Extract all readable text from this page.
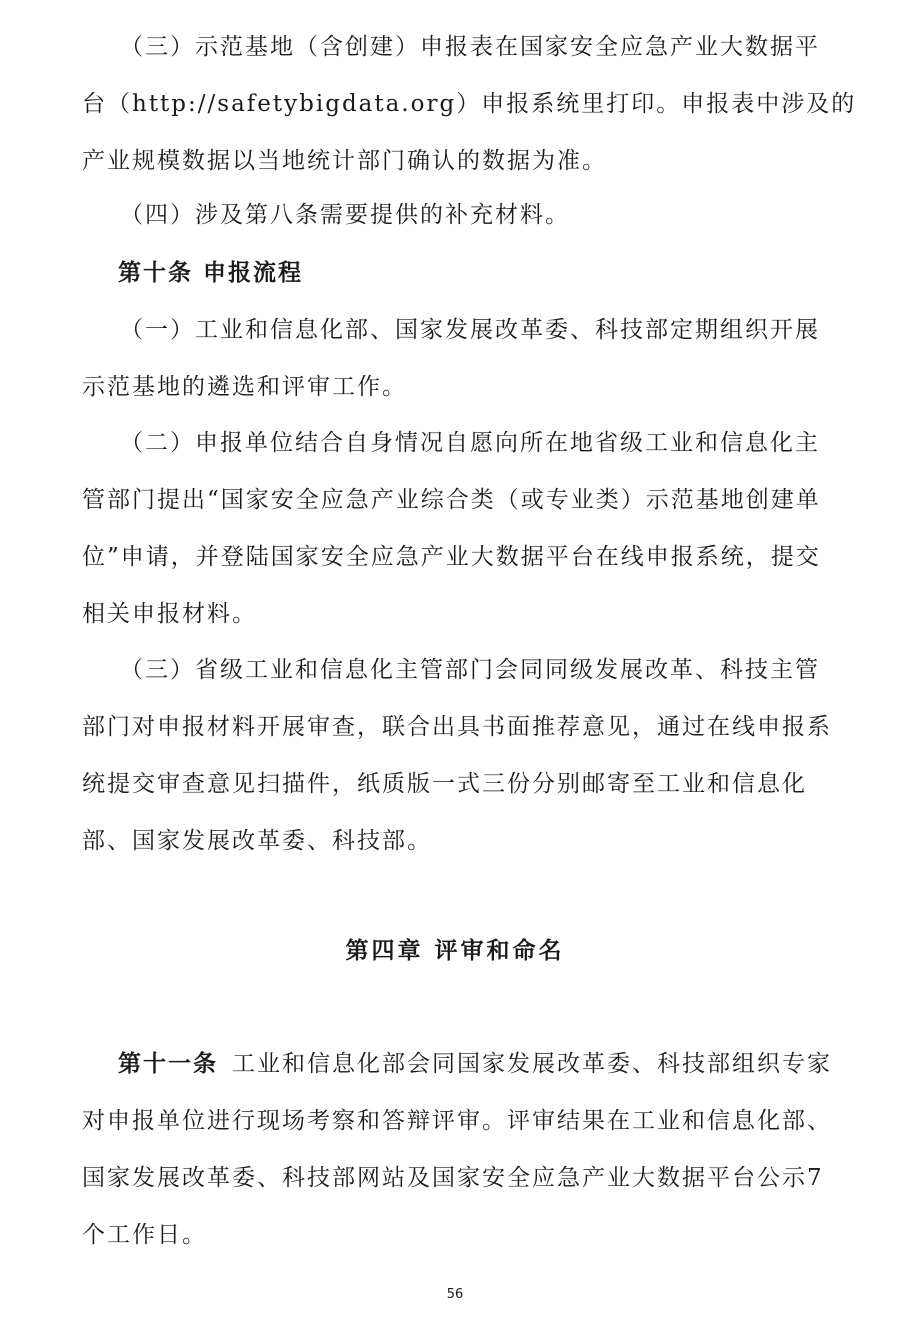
（三）示范基地（含创建）申报表在国家安全应急产业大数据平
台（http://safetybigdata.org）申报系统里打印。申报表中涉及的
产业规模数据以当地统计部门确认的数据为准。
（四）涉及第八条需要提供的补充材料。
第十条 申报流程
（一）工业和信息化部、国家发展改革委、科技部定期组织开展
示范基地的遴选和评审工作。
（二）申报单位结合自身情况自愿向所在地省级工业和信息化主
管部门提出“国家安全应急产业综合类（或专业类）示范基地创建单
位”申请，并登陆国家安全应急产业大数据平台在线申报系统，提交
相关申报材料。
（三）省级工业和信息化主管部门会同同级发展改革、科技主管
部门对申报材料开展审查，联合出具书面推荐意见，通过在线申报系
统提交审查意见扫描件，纸质版一式三份分别邮寄至工业和信息化
部、国家发展改革委、科技部。
第四章 评审和命名
第十一条 工业和信息化部会同国家发展改革委、科技部组织专家
对申报单位进行现场考察和答辩评审。评审结果在工业和信息化部、
国家发展改革委、科技部网站及国家安全应急产业大数据平台公示7
个工作日。
56
